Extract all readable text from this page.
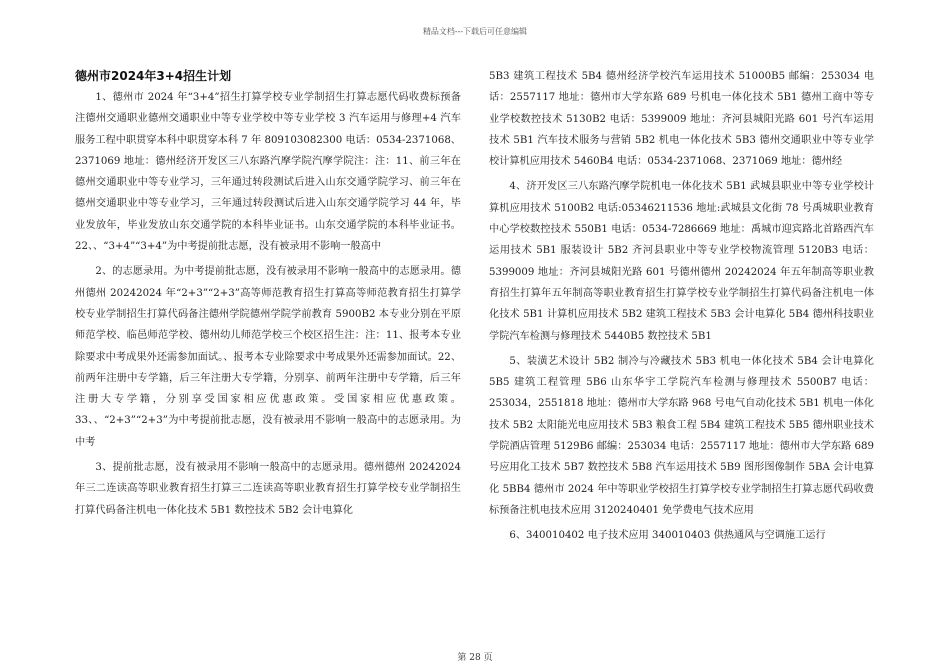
精品文档---下载后可任意编辑
德州市2024年3+4招生计划

1、德州市 2024 年“3+4”招生打算学校专业学制招生打算志愿代码收费标预备注德州交通职业德州交通职业中等专业学校中等专业学校 3 汽车运用与修理+4 汽车服务工程中职贯穿本科中职贯穿本科 7 年 809103082300 电话：0534-2371068、2371069 地址：德州经济开发区三八东路汽摩学院汽摩学院注：注：11、前三年在德州交通职业中等专业学习，三年通过转段测试后进入山东交通学院学习、前三年在德州交通职业中等专业学习，三年通过转段测试后进入山东交通学院学习 44 年，毕业发放年，毕业发放山东交通学院的本科毕业证书。山东交通学院的本科毕业证书。22、、“3+4”“3+4”为中考提前批志愿，没有被录用不影响一般高中

2、的志愿录用。为中考提前批志愿，没有被录用不影响一般高中的志愿录用。德州德州 20242024 年“2+3”“2+3”高等师范教育招生打算高等师范教育招生打算学校专业学制招生打算代码备注德州学院德州学院学前教育 5900B2 本专业分别在平原师范学校、临邑师范学校、德州幼儿师范学校三个校区招生注：注：11、报考本专业除要求中考成果外还需参加面试。、报考本专业除要求中考成果外还需参加面试。22、前两年注册中专学籍，后三年注册大专学籍，分别享、前两年注册中专学籍，后三年注册大专学籍，分别享受国家相应优惠政策。受国家相应优惠政策。33、、“2+3”“2+3”为中考提前批志愿，没有被录用不影响一般高中的志愿录用。为中考

3、提前批志愿，没有被录用不影响一般高中的志愿录用。德州德州 20242024 年三二连读高等职业教育招生打算三二连读高等职业教育招生打算学校专业学制招生打算代码备注机电一体化技术 5B1 数控技术 5B2 会计电算化

5B3 建筑工程技术 5B4 德州经济学校汽车运用技术 51000B5 邮编：253034 电话：2557117 地址：德州市大学东路 689 号机电一体化技术 5B1 德州工商中等专业学校数控技术 5130B2 电话：5399009 地址：齐河县城阳光路 601 号汽车运用技术 5B1 汽车技术服务与营销 5B2 机电一体化技术 5B3 德州交通职业中等专业学校计算机应用技术 5460B4 电话：0534-2371068、2371069 地址：德州经

4、济开发区三八东路汽摩学院机电一体化技术 5B1 武城县职业中等专业学校计算机应用技术 5100B2 电话:05346211536 地址:武城县文化街 78 号禹城职业教育中心学校数控技术 550B1 电话：0534-7286669 地址：禹城市迎宾路北首路西汽车运用技术 5B1 服装设计 5B2 齐河县职业中等专业学校物流管理 5120B3 电话：5399009 地址：齐河县城阳光路 601 号德州德州 20242024 年五年制高等职业教育招生打算年五年制高等职业教育招生打算学校专业学制招生打算代码备注机电一体化技术 5B1 计算机应用技术 5B2 建筑工程技术 5B3 会计电算化 5B4 德州科技职业学院汽车检测与修理技术 5440B5 数控技术 5B1

5、装潢艺术设计 5B2 制冷与冷藏技术 5B3 机电一体化技术 5B4 会计电算化 5B5 建筑工程管理 5B6 山东华宇工学院汽车检测与修理技术 5500B7 电话：253034，2551818 地址：德州市大学东路 968 号电气自动化技术 5B1 机电一体化技术 5B2 太阳能光电应用技术 5B3 粮食工程 5B4 建筑工程技术 5B5 德州职业技术学院酒店管理 5129B6 邮编：253034 电话：2557117 地址：德州市大学东路 689 号应用化工技术 5B7 数控技术 5B8 汽车运用技术 5B9 图形图像制作 5BA 会计电算化 5BB4 德州市 2024 年中等职业学校招生打算学校专业学制招生打算志愿代码收费标预备注机电技术应用 3120240401 免学费电气技术应用

6、340010402 电子技术应用 340010403 供热通风与空调施工运行

第 28 页
